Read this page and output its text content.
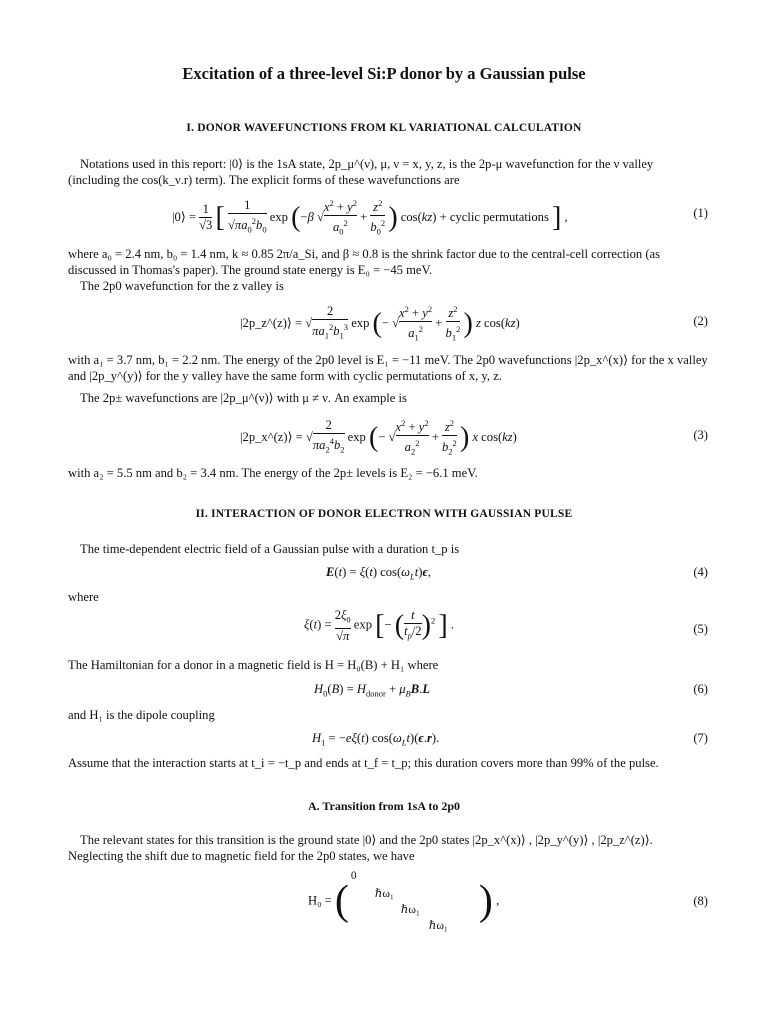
Excitation of a three-level Si:P donor by a Gaussian pulse
I. DONOR WAVEFUNCTIONS FROM KL VARIATIONAL CALCULATION
Notations used in this report: |0⟩ is the 1sA state, 2p_μ^(ν), μ, ν = x, y, z, is the 2p-μ wavefunction for the ν valley (including the cos(k_ν.r) term). The explicit forms of these wavefunctions are
|0⟩ = $\frac{1}{√3}$ [ $\frac{1}{√\pi a_0^2b_0}$ exp (−β √ $\frac{x^2 + y^2}{a_0^2} + \frac{z^2}{b_0^2}$ ) cos(kz) + cyclic permutations ] ,	(1)
where a₀ = 2.4 nm, b₀ = 1.4 nm, k ≈ 0.85 2π/a_Si, and β ≈ 0.8 is the shrink factor due to the central-cell correction (as discussed in Thomas's paper). The ground state energy is E₀ = −45 meV.
The 2p0 wavefunction for the z valley is
|2p_z^(z)⟩ = √ $\frac{2}{\pi a_1^2b_1^3}$ exp (− √ $\frac{x^2 + y^2}{a_1^2} + \frac{z^2}{b_1^2}$ ) z cos(kz)	(2)
with a₁ = 3.7 nm, b₁ = 2.2 nm. The energy of the 2p0 level is E₁ = −11 meV. The 2p0 wavefunctions |2p_x^(x)⟩ for the x valley and |2p_y^(y)⟩ for the y valley have the same form with cyclic permutations of x, y, z.
The 2p± wavefunctions are |2p_μ^(ν)⟩ with μ ≠ ν. An example is
|2p_x^(z)⟩ = √ $\frac{2}{\pi a_2^4b_2}$ exp (− √ $\frac{x^2 + y^2}{a_2^2} + \frac{z^2}{b_2^2}$ ) x cos(kz)	(3)
with a₂ = 5.5 nm and b₂ = 3.4 nm. The energy of the 2p± levels is E₂ = −6.1 meV.
II. INTERACTION OF DONOR ELECTRON WITH GAUSSIAN PULSE
The time-dependent electric field of a Gaussian pulse with a duration t_p is
E(t) = ξ(t) $\cos(\omega_Lt)\epsilon$,	(4)
where
$\xi(t) = \frac{2\xi_0}{√\pi}$ exp [− ( $\frac{t}{t_p/2} )^2$ ] .	(5)
The Hamiltonian for a donor in a magnetic field is H = H₀(B) + H₁ where
$H_0(B) = H_{donor} + \mu_BB.L$	(6)
and H₁ is the dipole coupling
$H_1 = -e\xi(t)$ $\cos(\omega_Lt)(\epsilon.r)$.	(7)
Assume that the interaction starts at t_i = −t_p and ends at t_f = t_p; this duration covers more than 99% of the pulse.
A. Transition from 1sA to 2p0
The relevant states for this transition is the ground state |0⟩ and the 2p0 states |2p_x^(x)⟩ , |2p_y^(y)⟩ , |2p_z^(z)⟩. Neglecting the shift due to magnetic field for the 2p0 states, we have
H₀ = (
0
ℏω₁
ℏω₁
ℏω₁
) ,	(8)
